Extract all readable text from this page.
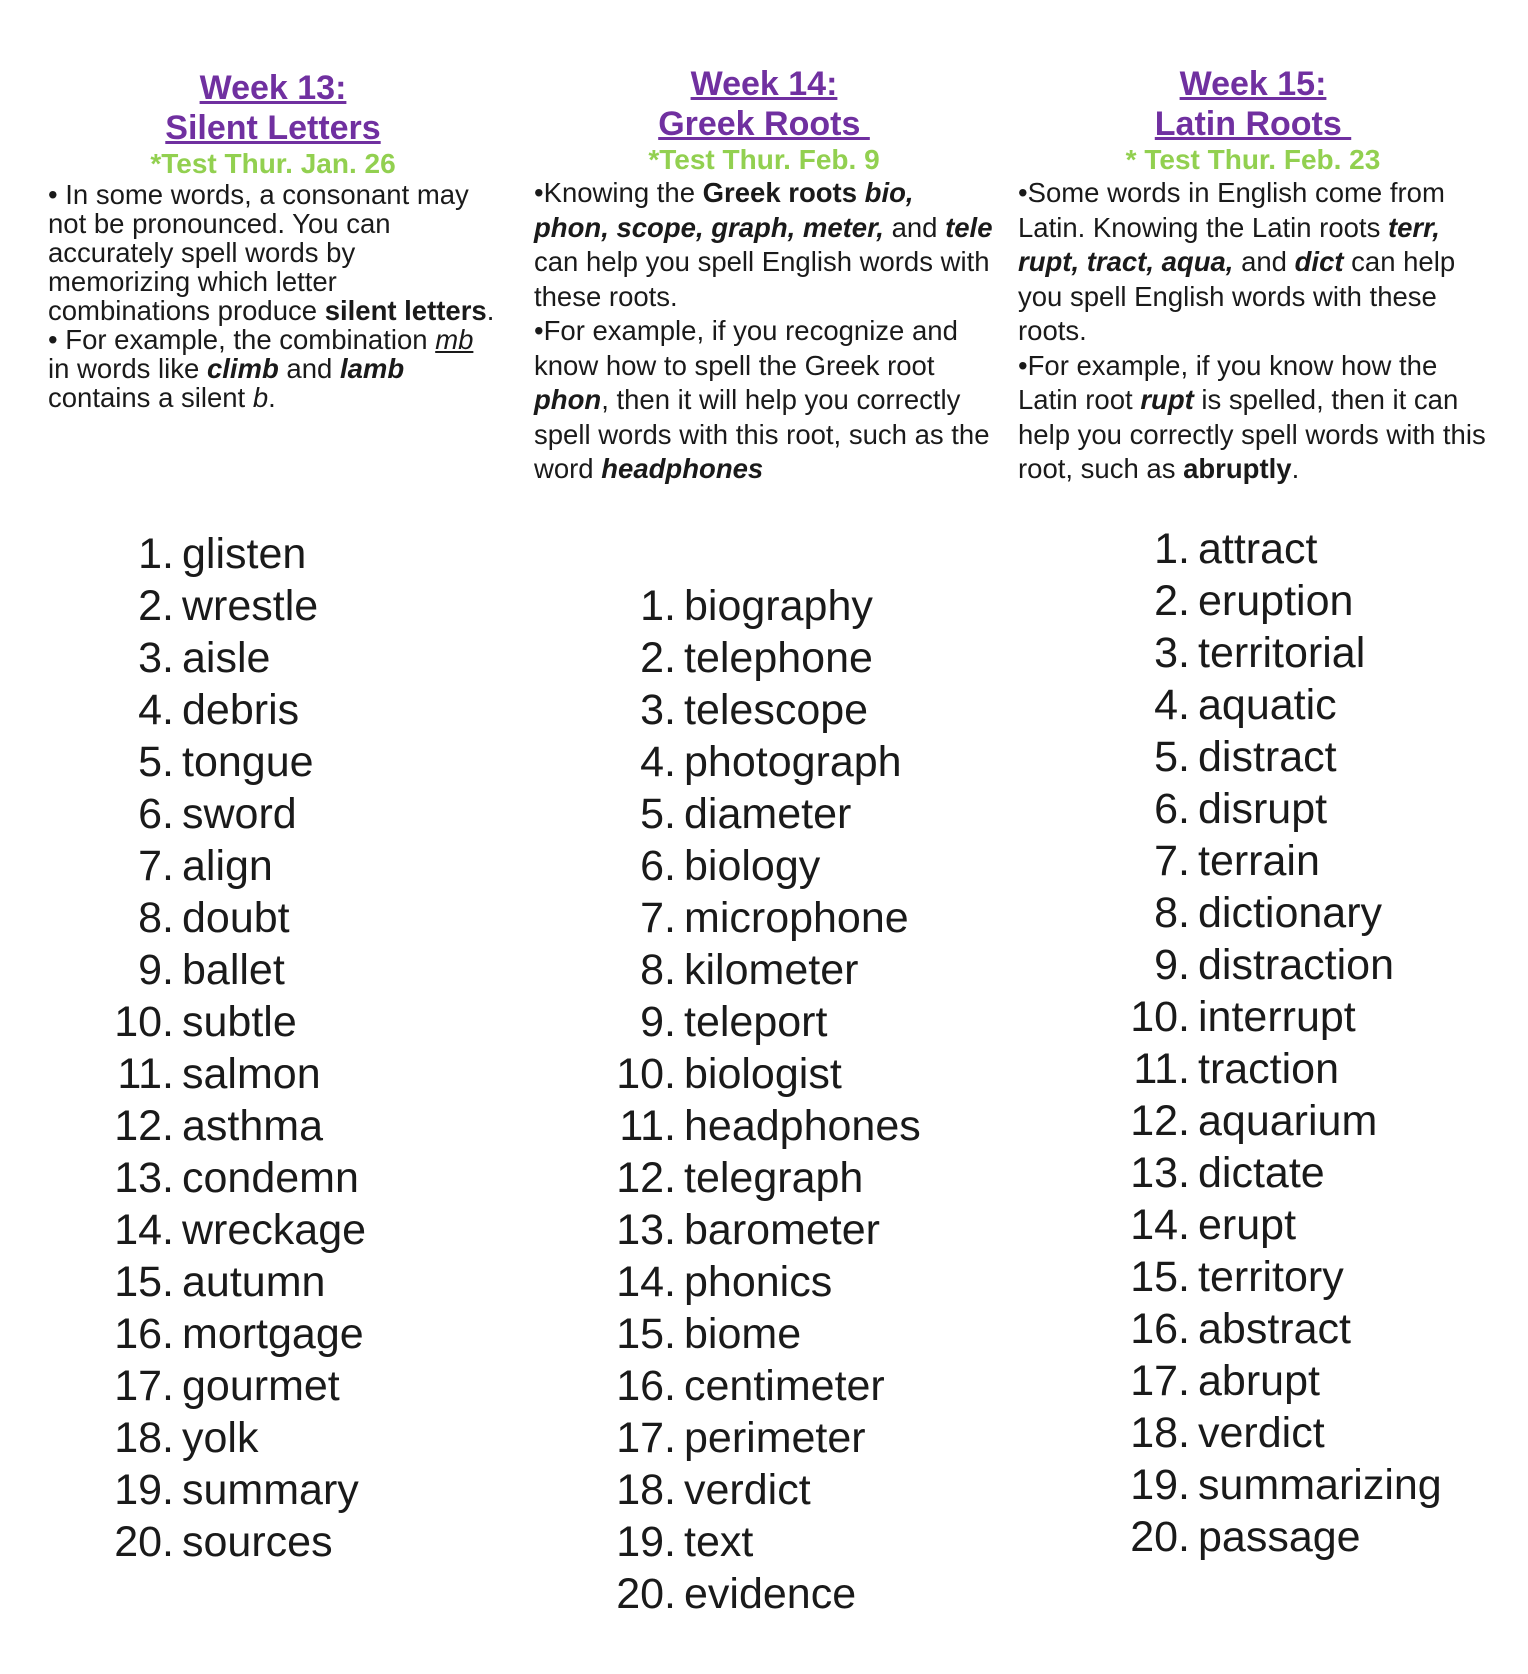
Week 13:
Silent Letters

*Test Thur. Jan. 26

• In some words, a consonant may not be pronounced. You can accurately spell words by memorizing which letter combinations produce silent letters.

• For example, the combination mb in words like climb and lamb contains a silent b.

1. glisten
2. wrestle
3. aisle
4. debris
5. tongue
6. sword
7. align
8. doubt
9. ballet
10. subtle
11. salmon
12. asthma
13. condemn
14. wreckage
15. autumn
16. mortgage
17. gourmet
18. yolk
19. summary
20. sources

Week 14:
Greek Roots

*Test Thur. Feb. 9

•Knowing the Greek roots bio, phon, scope, graph, meter, and tele can help you spell English words with these roots.

•For example, if you recognize and know how to spell the Greek root phon, then it will help you correctly spell words with this root, such as the word headphones

1. biography
2. telephone
3. telescope
4. photograph
5. diameter
6. biology
7. microphone
8. kilometer
9. teleport
10. biologist
11. headphones
12. telegraph
13. barometer
14. phonics
15. biome
16. centimeter
17. perimeter
18. verdict
19. text
20. evidence

Week 15:
Latin Roots

* Test Thur. Feb. 23

•Some words in English come from Latin. Knowing the Latin roots terr, rupt, tract, aqua, and dict can help you spell English words with these roots.

•For example, if you know how the Latin root rupt is spelled, then it can help you correctly spell words with this root, such as abruptly.

1. attract
2. eruption
3. territorial
4. aquatic
5. distract
6. disrupt
7. terrain
8. dictionary
9. distraction
10. interrupt
11. traction
12. aquarium
13. dictate
14. erupt
15. territory
16. abstract
17. abrupt
18. verdict
19. summarizing
20. passage
